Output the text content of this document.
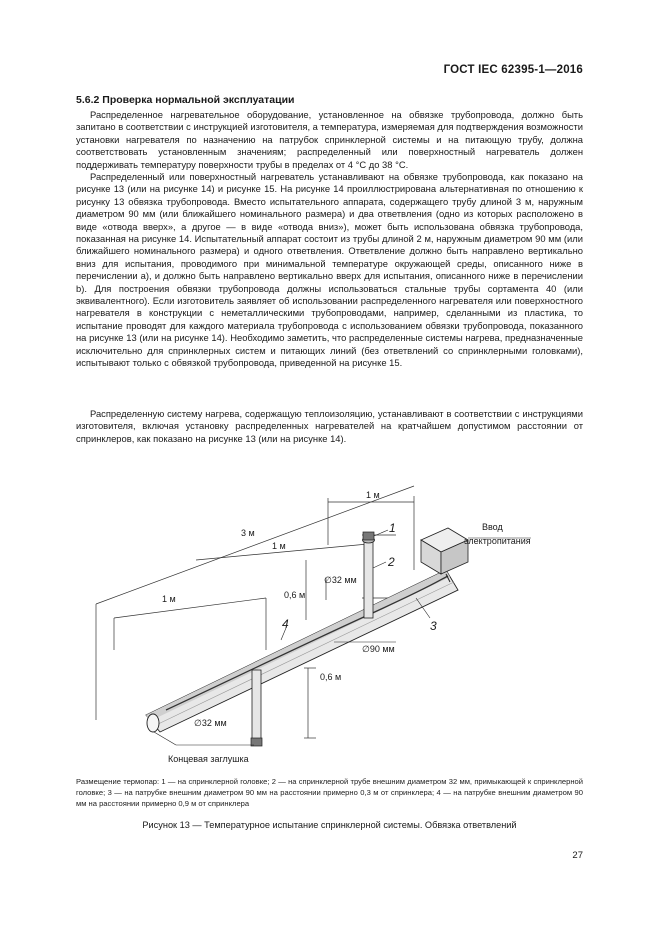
ГОСТ IEC 62395-1—2016
5.6.2 Проверка нормальной эксплуатации
Распределенное нагревательное оборудование, установленное на обвязке трубопровода, должно быть запитано в соответствии с инструкцией изготовителя, а температура, измеряемая для подтверждения возможности установки нагревателя по назначению на патрубок спринклерной системы и на питающую трубу, должна соответствовать установленным значениям; распределенный или поверхностный нагреватель должен поддерживать температуру поверхности трубы в пределах от 4 °С до 38 °С.
Распределенный или поверхностный нагреватель устанавливают на обвязке трубопровода, как показано на рисунке 13 (или на рисунке 14) и рисунке 15. На рисунке 14 проиллюстрирована альтернативная по отношению к рисунку 13 обвязка трубопровода. Вместо испытательного аппарата, содержащего трубу длиной 3 м, наружным диаметром 90 мм (или ближайшего номинального размера) и два ответвления (одно из которых расположено в виде «отвода вверх», а другое — в виде «отвода вниз»), может быть использована обвязка трубопровода, показанная на рисунке 14. Испытательный аппарат состоит из трубы длиной 2 м, наружным диаметром 90 мм (или ближайшего номинального размера) и одного ответвления. Ответвление должно быть направлено вертикально вниз для испытания, проводимого при минимальной температуре окружающей среды, описанного ниже в перечислении а), и должно быть направлено вертикально вверх для испытания, описанного ниже в перечислении b). Для построения обвязки трубопровода должны использоваться стальные трубы сортамента 40 (или эквивалентного). Если изготовитель заявляет об использовании распределенного нагревателя или поверхностного нагревателя в конструкции с неметаллическими трубопроводами, например, сделанными из пластика, то испытание проводят для каждого материала трубопровода с использованием обвязки трубопровода, показанного на рисунке 13 (или на рисунке 14). Необходимо заметить, что распределенные системы нагрева, предназначенные исключительно для спринклерных систем и питающих линий (без ответвлений со спринклерными головками), испытывают только с обвязкой трубопровода, приведенной на рисунке 15.
Распределенную систему нагрева, содержащую теплоизоляцию, устанавливают в соответствии с инструкциями изготовителя, включая установку распределенных нагревателей на кратчайшем допустимом расстоянии от спринклеров, как показано на рисунке 13 (или на рисунке 14).
1 м
3 м
1 м
1 м	0,6 м
0,6 м
∅32 мм
∅32 мм
∅90 мм
Ввод
электропитания
Концевая заглушка
1
2
3
4
Размещение термопар: 1 — на спринклерной головке; 2 — на спринклерной трубе внешним диаметром 32 мм, примыкающей к спринклерной головке; 3 — на патрубке внешним диаметром 90 мм на расстоянии примерно 0,3 м от спринклера; 4 — на патрубке внешним диаметром 90 мм на расстоянии примерно 0,9 м от спринклера
Рисунок 13 — Температурное испытание спринклерной системы. Обвязка ответвлений
27
